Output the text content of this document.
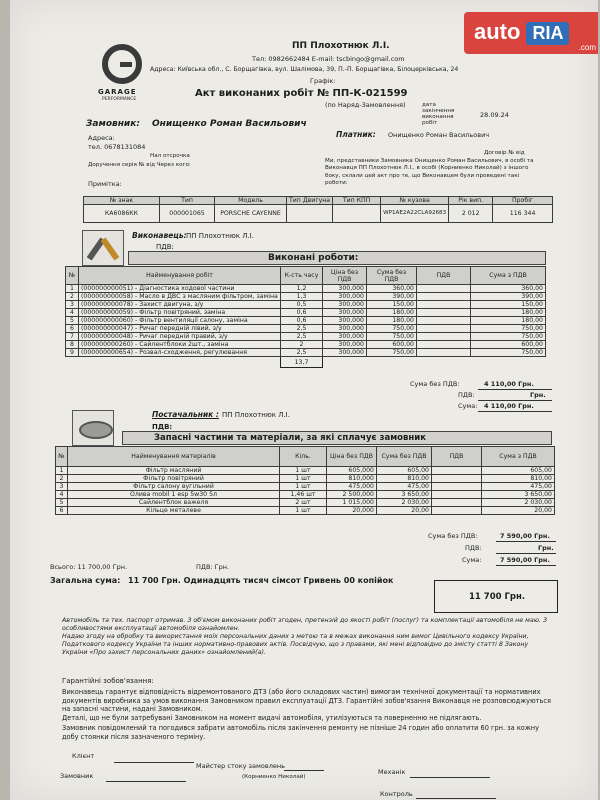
auto RIA
.com
GARAGE
PERFORMANCE
ПП Плохотнюк Л.І.
Тел: 0982662484 E-mail: tscbingo@gmail.com
Адреса: Київська обл., С. Борщагівка, вул. Шалімова, 39, П.-П. Борщагівка, Білоцерківська, 24
Графік:
Акт виконаних робіт № ПП-К-021599
(по Наряд-Замовлення)	дата закінчення виконання робіт
28.09.24
Замовник: Онищенко Роман Васильович
Адреса:
тел. 0678131084
Платник: Онищенко Роман Васильович
Нал отсрочка
Доручення серія № від Через кого:
Примітка:
Договір № від
Ми, представники Замовника Онищенко Роман Васильович, в особі та Виконавця ПП Плохотнюк Л.І., в особі (Корниенко Николай) з іншого боку, склали цей акт про те, що Виконавцем були проведені такі роботи:
№ знак	Тип	Модель	Тип Двигуна	Тип КПП	№ кузова	Рік вип.	Пробіг
КА6086КК	000001065	PORSCHE CAYENNE			WP1AE2A22CLA92683	2 012	116 344
Виконавець: ПП Плохотнюк Л.І.
ПДВ:
Виконані роботи:
№	Найменування робіт	К-сть часу	Ціна без ПДВ	Сума без ПДВ	ПДВ	Сума з ПДВ
1	(000000000051) - Діагностика ходової частини	1,2	300,000	360,00		360,00
2	(000000000058) - Масло в ДВС з масляним фільтром, заміна	1,3	300,000	390,00		390,00
3	(000000000078) - Захист двигуна, з/у	0,5	300,000	150,00		150,00
4	(000000000059) - Фільтр повітряний, заміна	0,6	300,000	180,00		180,00
5	(000000000060) - Фільтр вентиляції салону, заміна	0,6	300,000	180,00		180,00
6	(000000000047) - Ричаг передній лівий, з/у	2,5	300,000	750,00		750,00
7	(000000000048) - Ричаг передній правий, з/у	2,5	300,000	750,00		750,00
8	(000000000260) - Сайлентблоки 2шт., заміна	2	300,000	600,00		600,00
9	(000000000654) - Розвал-сходження, регулювання	2,5	300,000	750,00		750,00
		13,7				
Сума без ПДВ:	4 110,00 Грн.
ПДВ:	Грн.
Сума: 4 110,00 Грн.
Постачальник : ПП Плохотнюк Л.І.
ПДВ:
Запасні частини та матеріали, за які сплачує замовник
№	Найменування матеріалів	Кіль.	Ціна без ПДВ	Сума без ПДВ	ПДВ	Сума з ПДВ
1	Фільтр масляний	1 шт	605,000	605,00		605,00
2	Фільтр повітряний	1 шт	810,000	810,00		810,00
3	Фільтр салону вугільний	1 шт	475,000	475,00		475,00
4	Олива mobil 1 esp 5w30 5л	1,46 шт	2 500,000	3 650,00		3 650,00
5	Сайлентблок важеля	2 шт	1 015,000	2 030,00		2 030,00
6	Кільце металеве	1 шт	20,000	20,00		20,00
Сума без ПДВ:	7 590,00 Грн.
ПДВ:	Грн.
Сума:	7 590,00 Грн.
Всього: 11 700,00 Грн.	ПДВ: Грн.
Загальна сума: 11 700 Грн. Одинадцять тисяч сімсот Гривень 00 копійок
11 700 Грн.
Автомобіль та тех. паспорт отримав. З об'ємом виконаних робіт згоден, претензій до якості робіт (послуг) та комплектації автомобіля не маю. З особливостями експлуатації автомобіля ознайомлен.
Надаю згоду на обробку та використання моїх персональних даних з метою та в межах виконання ним вимог Цивільного кодексу України, Податкового кодексу України та інших нормативно-правових актів. Посвідчую, що з правами, які мені відповідно до змісту статті 8 Закону України «Про захист персональних даних» ознайомлений(а).
Гарантійні зобов'язання:
Виконавець гарантує відповідність відремонтованого ДТЗ (або його складових частин) вимогам технічної документації та нормативних документів виробника за умов виконання Замовником правил експлуатації ДТЗ. Гарантійні зобов'язання Виконавця не розповсюджуються на запасні частини, надані Замовником.
Деталі, що не були затребувані Замовником на момент видачі автомобіля, утилізуються та поверненню не підлягають.
Замовник повідомлений та погодився забрати автомобіль після закінчення ремонту не пізніше 24 годин або оплатити 60 грн. за кожну добу стоянки після зазначеного терміну.
Клієнт
Майстер стоку замовлень
(Корниенко Николай)
Механік
Замовник
Контроль
